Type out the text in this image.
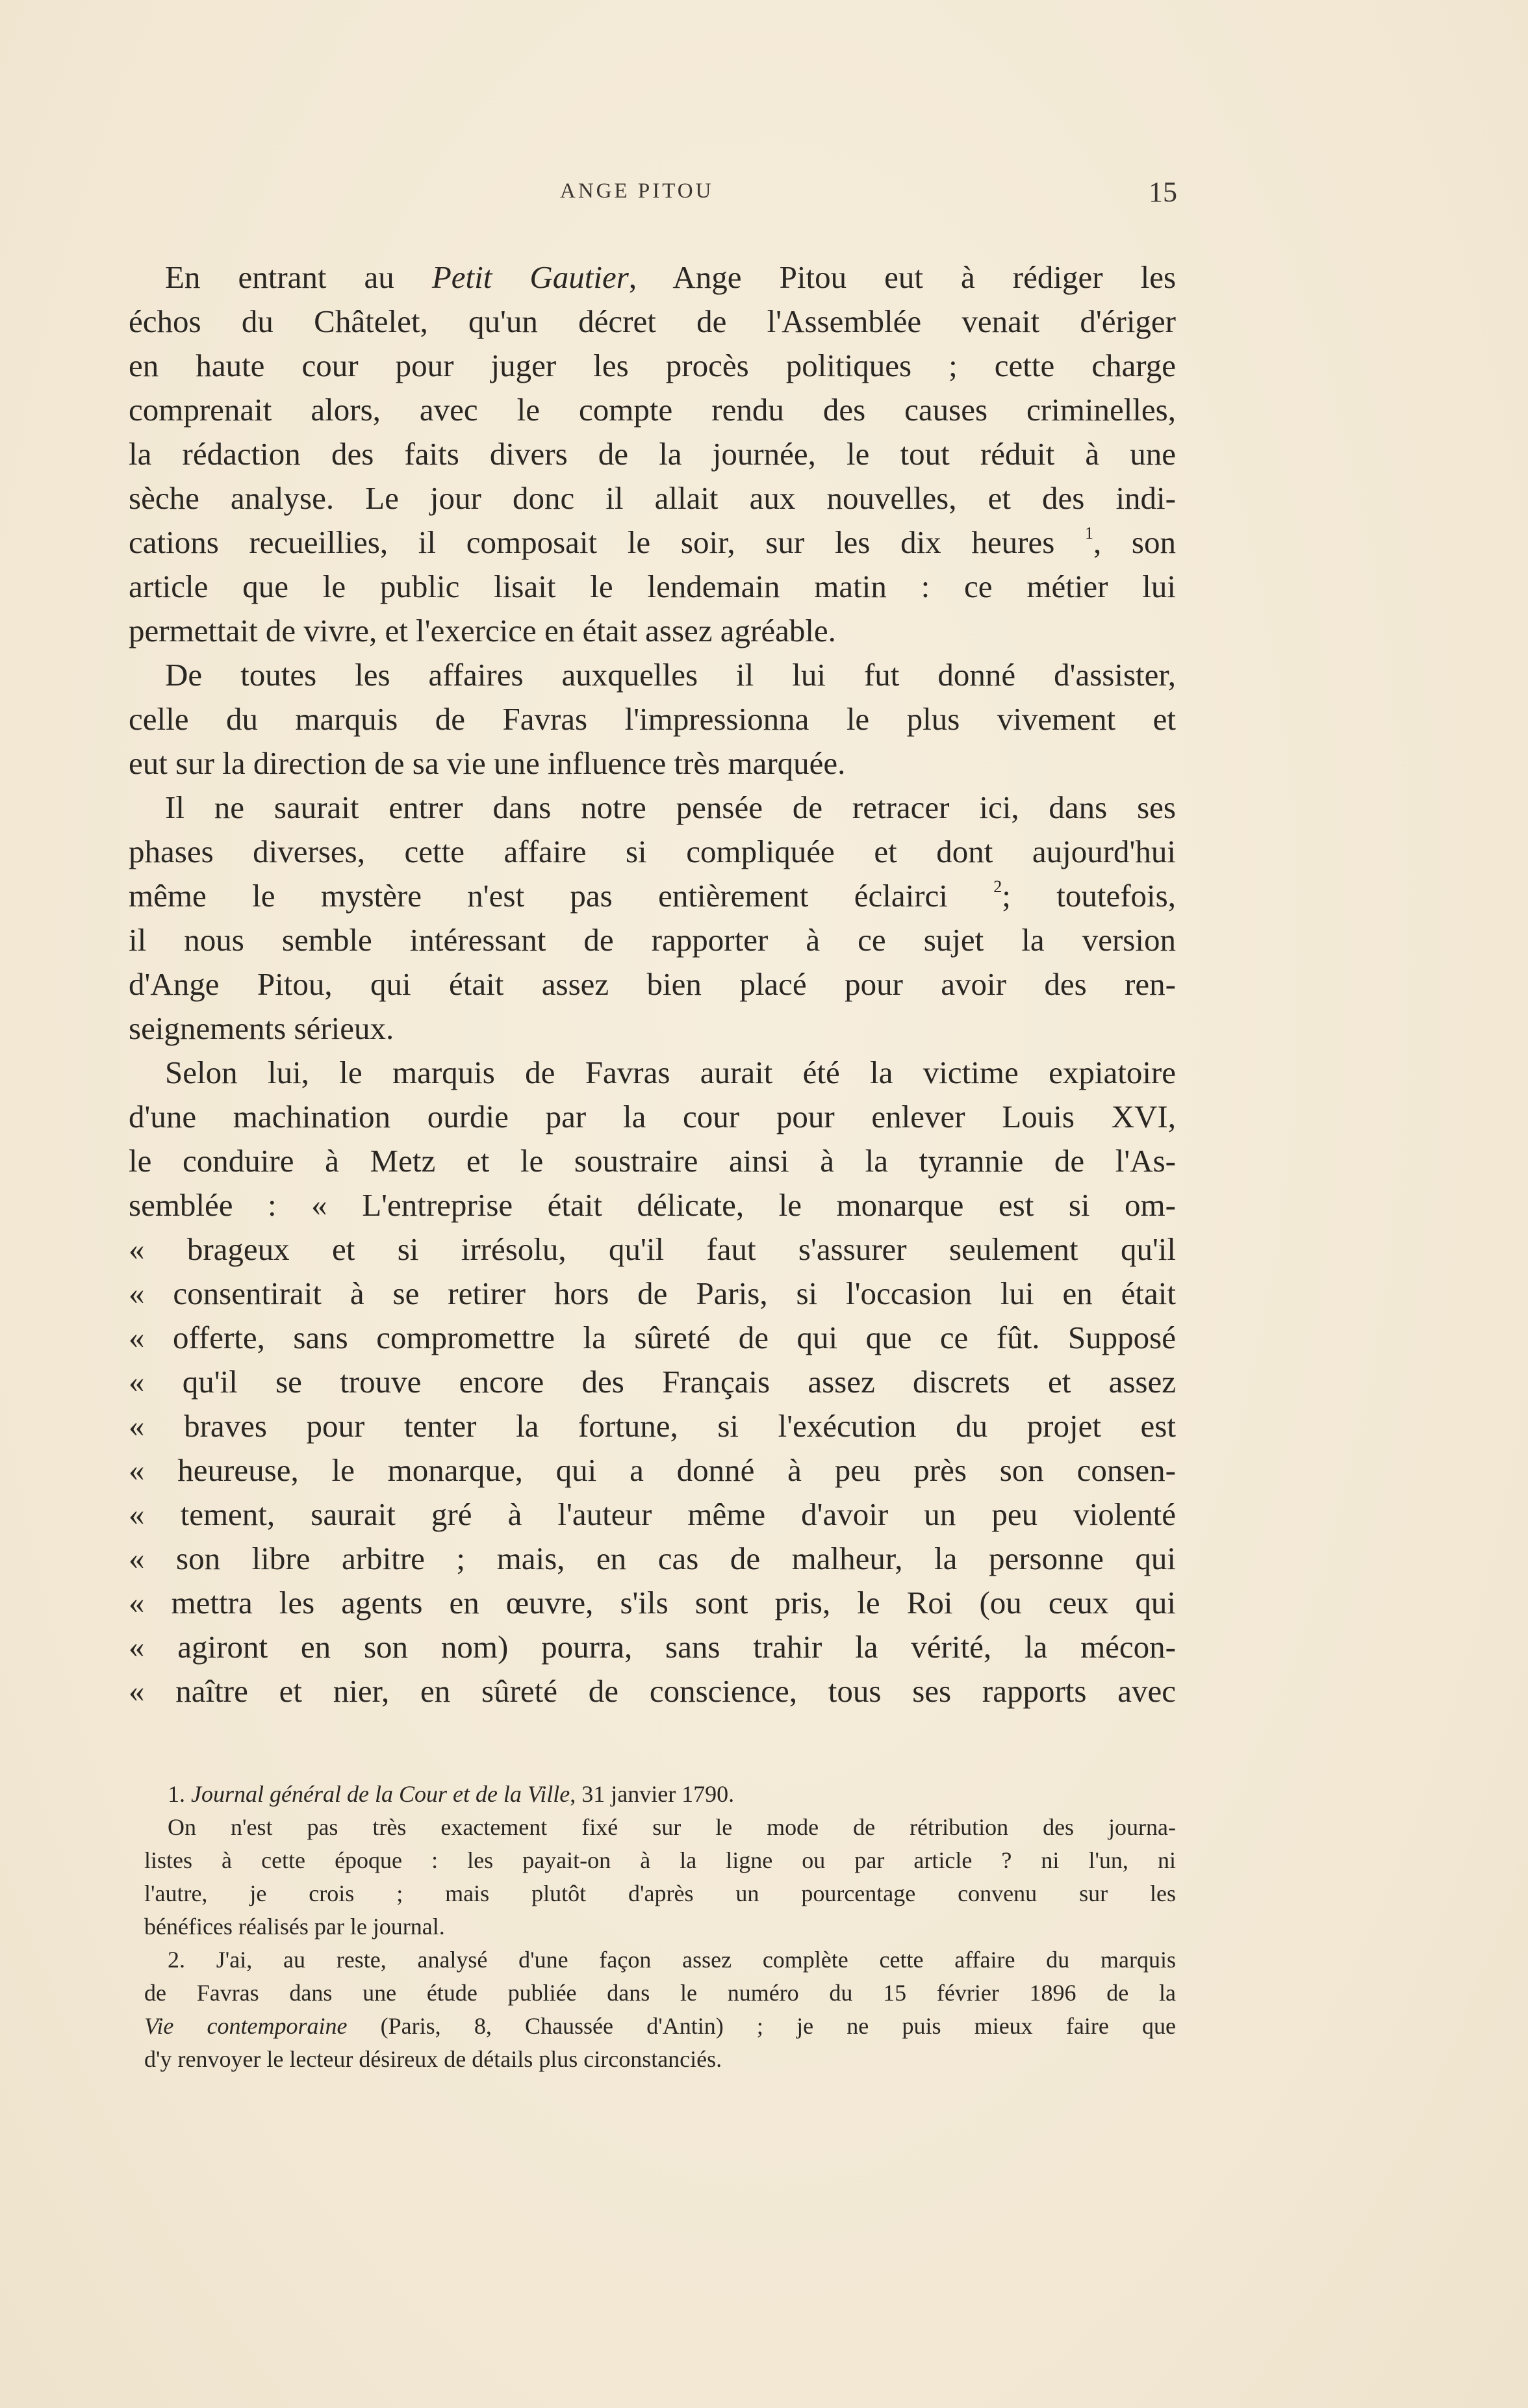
ANGE PITOU	15
En entrant au Petit Gautier, Ange Pitou eut à rédiger les
échos du Châtelet, qu'un décret de l'Assemblée venait d'ériger
en haute cour pour juger les procès politiques ; cette charge
comprenait alors, avec le compte rendu des causes criminelles,
la rédaction des faits divers de la journée, le tout réduit à une
sèche analyse. Le jour donc il allait aux nouvelles, et des indi-
cations recueillies, il composait le soir, sur les dix heures $^1$, son
article que le public lisait le lendemain matin : ce métier lui
permettait de vivre, et l'exercice en était assez agréable.
De toutes les affaires auxquelles il lui fut donné d'assister,
celle du marquis de Favras l'impressionna le plus vivement et
eut sur la direction de sa vie une influence très marquée.
Il ne saurait entrer dans notre pensée de retracer ici, dans ses
phases diverses, cette affaire si compliquée et dont aujourd'hui
même le mystère n'est pas entièrement éclairci $^2$; toutefois,
il nous semble intéressant de rapporter à ce sujet la version
d'Ange Pitou, qui était assez bien placé pour avoir des ren-
seignements sérieux.
Selon lui, le marquis de Favras aurait été la victime expiatoire
d'une machination ourdie par la cour pour enlever Louis XVI,
le conduire à Metz et le soustraire ainsi à la tyrannie de l'As-
semblée : « L'entreprise était délicate, le monarque est si om-
« brageux et si irrésolu, qu'il faut s'assurer seulement qu'il
« consentirait à se retirer hors de Paris, si l'occasion lui en était
« offerte, sans compromettre la sûreté de qui que ce fût. Supposé
« qu'il se trouve encore des Français assez discrets et assez
« braves pour tenter la fortune, si l'exécution du projet est
« heureuse, le monarque, qui a donné à peu près son consen-
« tement, saurait gré à l'auteur même d'avoir un peu violenté
« son libre arbitre ; mais, en cas de malheur, la personne qui
« mettra les agents en œuvre, s'ils sont pris, le Roi (ou ceux qui
« agiront en son nom) pourra, sans trahir la vérité, la mécon-
« naître et nier, en sûreté de conscience, tous ses rapports avec
1. Journal général de la Cour et de la Ville, 31 janvier 1790.
On n'est pas très exactement fixé sur le mode de rétribution des journa-
listes à cette époque : les payait-on à la ligne ou par article ? ni l'un, ni
l'autre, je crois ; mais plutôt d'après un pourcentage convenu sur les
bénéfices réalisés par le journal.
2. J'ai, au reste, analysé d'une façon assez complète cette affaire du marquis
de Favras dans une étude publiée dans le numéro du 15 février 1896 de la
Vie contemporaine (Paris, 8, Chaussée d'Antin) ; je ne puis mieux faire que
d'y renvoyer le lecteur désireux de détails plus circonstanciés.
